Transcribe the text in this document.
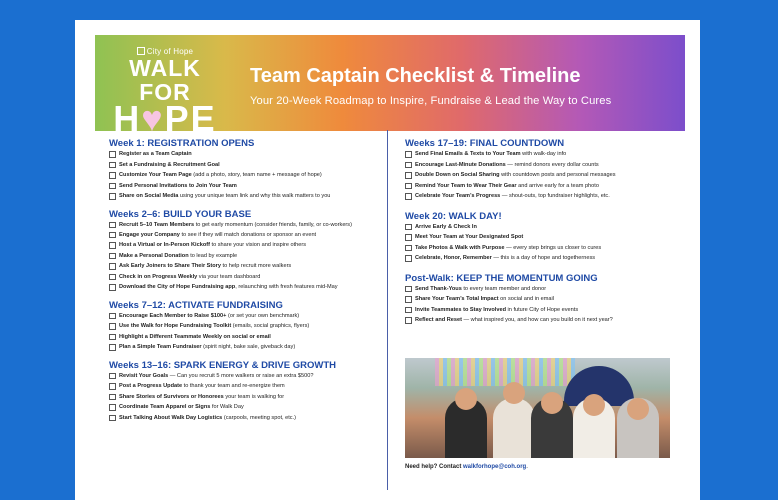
City of Hope
WALK FOR
H♥PE
Team Captain Checklist & Timeline
Your 20-Week Roadmap to Inspire, Fundraise & Lead the Way to Cures
Week 1: REGISTRATION OPENS
Register as a Team Captain
Set a Fundraising & Recruitment Goal
Customize Your Team Page (add a photo, story, team name + message of hope)
Send Personal Invitations to Join Your Team
Share on Social Media using your unique team link and why this walk matters to you
Weeks 2–6: BUILD YOUR BASE
Recruit 5–10 Team Members to get early momentum (consider friends, family, or co-workers)
Engage your Company to see if they will match donations or sponsor an event
Host a Virtual or In-Person Kickoff to share your vision and inspire others
Make a Personal Donation to lead by example
Ask Early Joiners to Share Their Story to help recruit more walkers
Check in on Progress Weekly via your team dashboard
Download the City of Hope Fundraising app, relaunching with fresh features mid-May
Weeks 7–12: ACTIVATE FUNDRAISING
Encourage Each Member to Raise $100+ (or set your own benchmark)
Use the Walk for Hope Fundraising Toolkit (emails, social graphics, flyers)
Highlight a Different Teammate Weekly on social or email
Plan a Simple Team Fundraiser (spirit night, bake sale, giveback day)
Weeks 13–16: SPARK ENERGY & DRIVE GROWTH
Revisit Your Goals — Can you recruit 5 more walkers or raise an extra $500?
Post a Progress Update to thank your team and re-energize them
Share Stories of Survivors or Honorees your team is walking for
Coordinate Team Apparel or Signs for Walk Day
Start Talking About Walk Day Logistics (carpools, meeting spot, etc.)
Weeks 17–19: FINAL COUNTDOWN
Send Final Emails & Texts to Your Team with walk-day info
Encourage Last-Minute Donations — remind donors every dollar counts
Double Down on Social Sharing with countdown posts and personal messages
Remind Your Team to Wear Their Gear and arrive early for a team photo
Celebrate Your Team’s Progress — shout-outs, top fundraiser highlights, etc.
Week 20: WALK DAY!
Arrive Early & Check In
Meet Your Team at Your Designated Spot
Take Photos & Walk with Purpose — every step brings us closer to cures
Celebrate, Honor, Remember — this is a day of hope and togetherness
Post-Walk: KEEP THE MOMENTUM GOING
Send Thank-Yous to every team member and donor
Share Your Team’s Total Impact on social and in email
Invite Teammates to Stay Involved in future City of Hope events
Reflect and Reset — what inspired you, and how can you build on it next year?
Need help? Contact walkforhope@coh.org.
